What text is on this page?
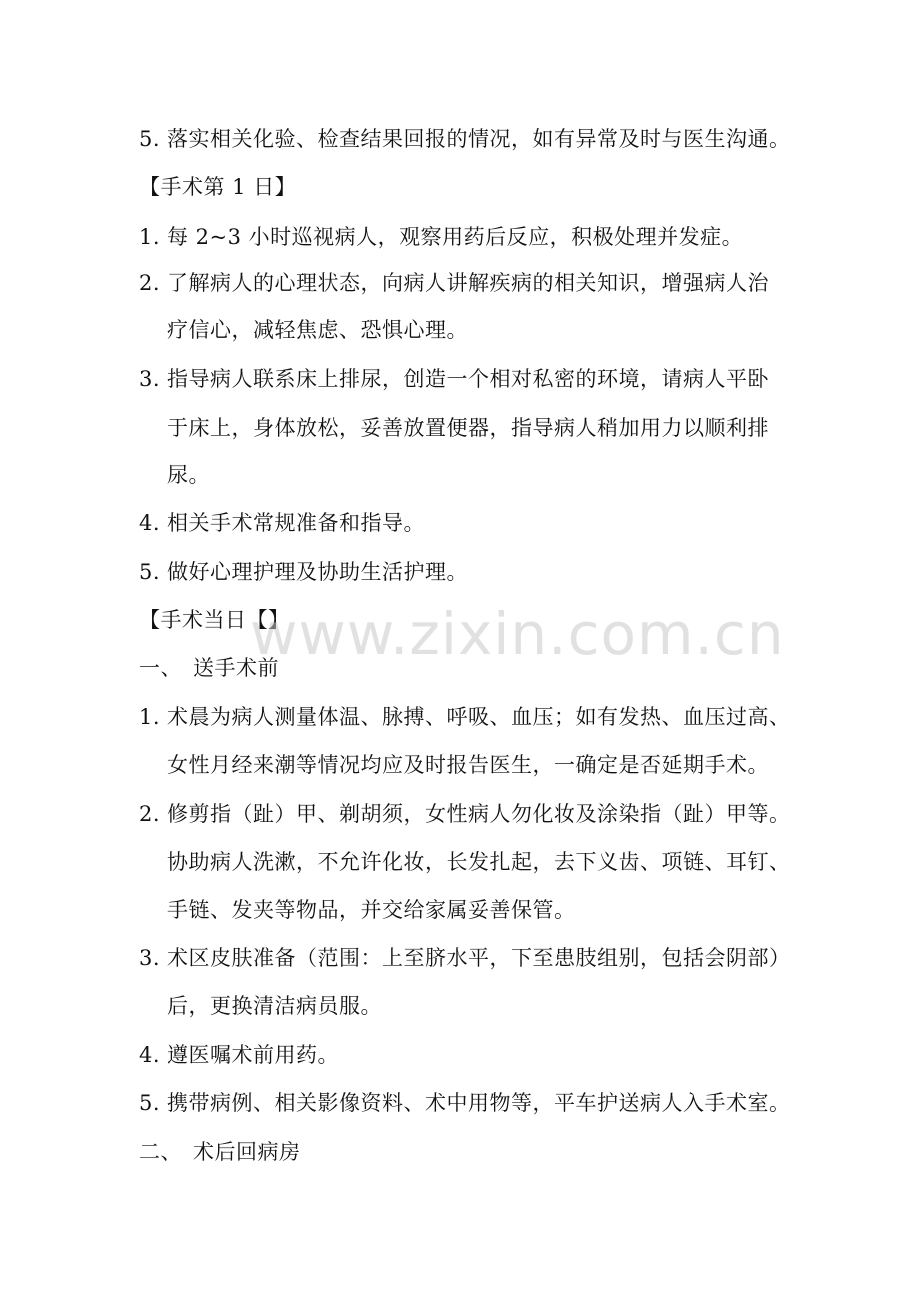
5. 落实相关化验、检查结果回报的情况，如有异常及时与医生沟通。
【手术第 1 日】
1. 每 2~3 小时巡视病人，观察用药后反应，积极处理并发症。
2. 了解病人的心理状态，向病人讲解疾病的相关知识，增强病人治
疗信心，减轻焦虑、恐惧心理。
3. 指导病人联系床上排尿，创造一个相对私密的环境，请病人平卧
于床上，身体放松，妥善放置便器，指导病人稍加用力以顺利排
尿。
4. 相关手术常规准备和指导。
5. 做好心理护理及协助生活护理。
【手术当日【】
一、　送手术前
1. 术晨为病人测量体温、脉搏、呼吸、血压；如有发热、血压过高、
女性月经来潮等情况均应及时报告医生，一确定是否延期手术。
2. 修剪指（趾）甲、剃胡须，女性病人勿化妆及涂染指（趾）甲等。
协助病人洗漱，不允许化妆，长发扎起，去下义齿、项链、耳钉、
手链、发夹等物品，并交给家属妥善保管。
3. 术区皮肤准备（范围：上至脐水平，下至患肢组别，包括会阴部）
后，更换清洁病员服。
4. 遵医嘱术前用药。
5. 携带病例、相关影像资料、术中用物等，平车护送病人入手术室。
二、　术后回病房
www.zixin.com.cn
